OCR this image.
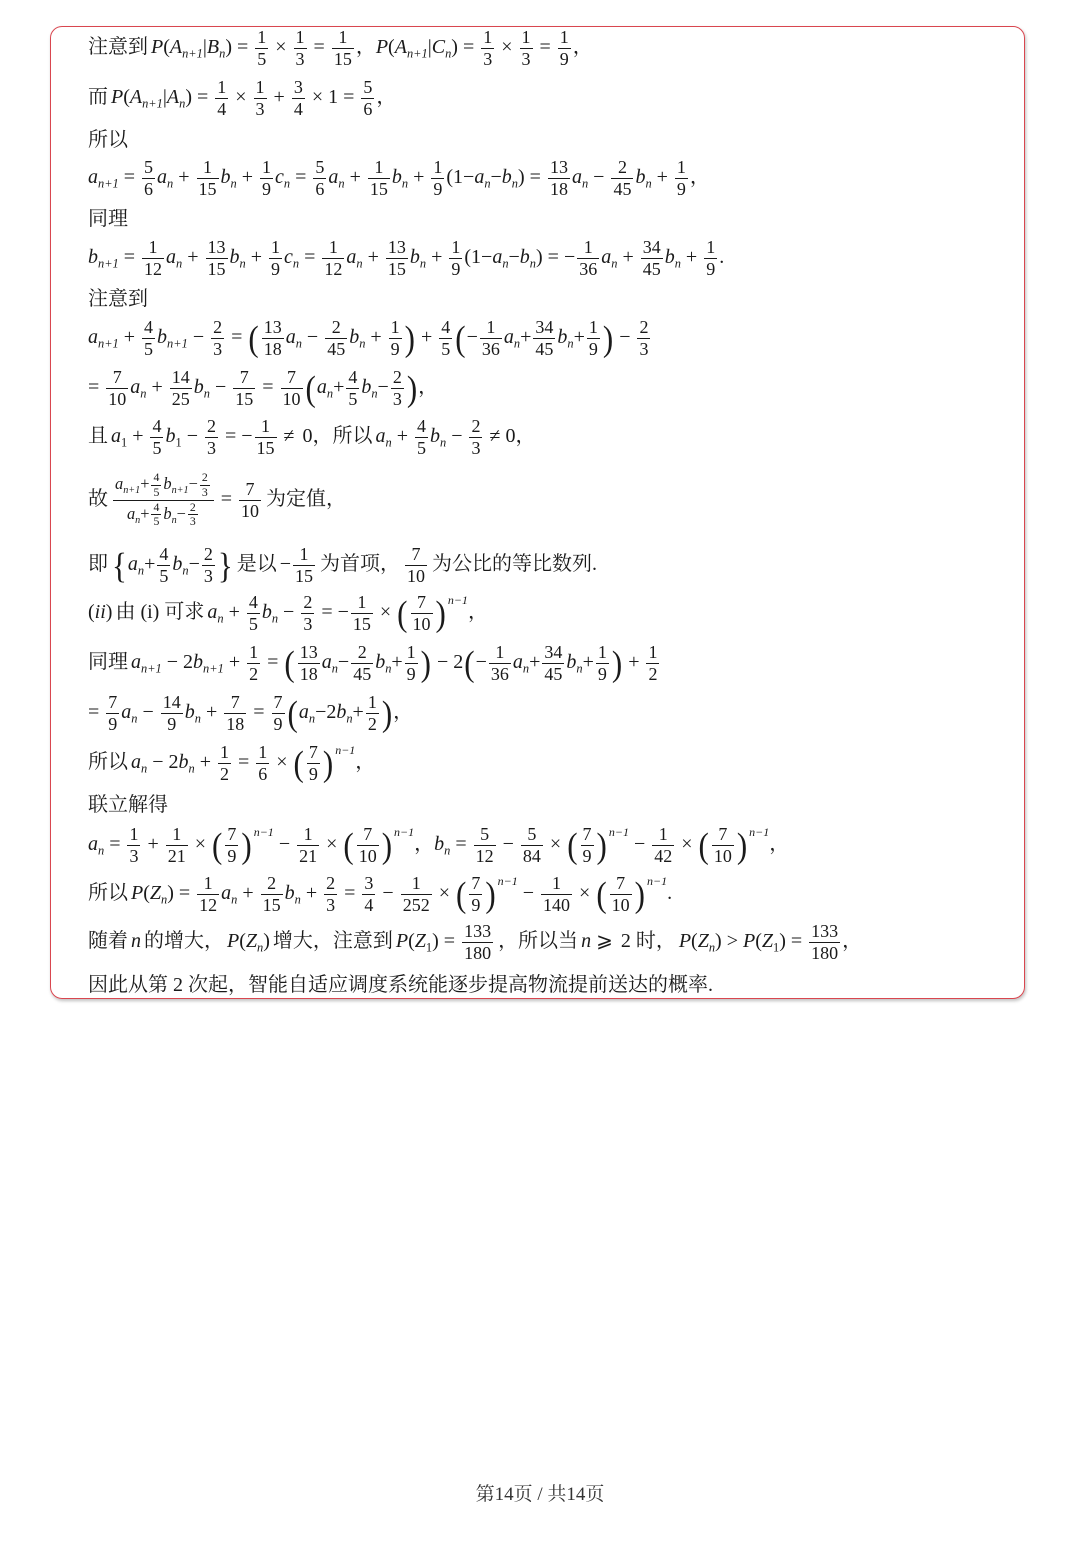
注意到 $P(A_{n+1}|B_n) = \frac{1}{5} \times \frac{1}{3} = \frac{1}{15}$ ，$P(A_{n+1}|C_n) = \frac{1}{3} \times \frac{1}{3} = \frac{1}{9}$ ，
而 $P(A_{n+1}|A_n) = \frac{1}{4} \times \frac{1}{3} + \frac{3}{4} \times 1 = \frac{5}{6}$ ，
所以
$a_{n+1} = \frac{5}{6} a_n + \frac{1}{15} b_n + \frac{1}{9} c_n = \frac{5}{6} a_n + \frac{1}{15} b_n + \frac{1}{9} (1-a_n-b_n) = \frac{13}{18} a_n - \frac{2}{45} b_n + \frac{1}{9}$ ，
同理
$b_{n+1} = \frac{1}{12} a_n + \frac{13}{15} b_n + \frac{1}{9} c_n = \frac{1}{12} a_n + \frac{13}{15} b_n + \frac{1}{9} (1-a_n-b_n)$ = − $\frac{1}{36} a_n + \frac{34}{45} b_n + \frac{1}{9}$ .
注意到
$a_{n+1} + \frac{4}{5} b_{n+1} - \frac{2}{3}$ = ( $\frac{13}{18} a_n - \frac{2}{45} b_n + \frac{1}{9}$ ) + $\frac{4}{5}$ (− $\frac{1}{36} a_n+ \frac{34}{45} b_n+ \frac{1}{9}$ ) − $\frac{2}{3}$
= $\frac{7}{10} a_n + \frac{14}{25} b_n - \frac{7}{15} = \frac{7}{10} (a_n+ \frac{4}{5} b_n- \frac{2}{3}$ )，
且 $a_1 + \frac{4}{5} b_1 - \frac{2}{3}$ = − $\frac{1}{15} \ne 0$，所以 $a_n + \frac{4}{5} b_n - \frac{2}{3} \ne 0$，
故 $\frac{a_{n+1}+ \frac{4}{5} b_{n+1}- \frac{2}{3}}{a_n+ \frac{4}{5} b_n- \frac{2}{3}} = \frac{7}{10}$ 为定值，
即 {$a_n+ \frac{4}{5} b_n- \frac{2}{3}$ } 是以 − $\frac{1}{15}$ 为首项， $\frac{7}{10}$ 为公比的等比数列.
(ii) 由 (i) 可求 $a_n + \frac{4}{5} b_n - \frac{2}{3}$ = − $\frac{1}{15}$ × ( $\frac{7}{10}$ ) $^{n-1}$，
同理 $a_{n+1} - 2b_{n+1} + \frac{1}{2}$ = ( $\frac{13}{18} a_n- \frac{2}{45} b_n+ \frac{1}{9}$ ) − $2(- \frac{1}{36} a_n+ \frac{34}{45} b_n+ \frac{1}{9}$ ) + $\frac{1}{2}$
= $\frac{7}{9} a_n - \frac{14}{9} b_n + \frac{7}{18} = \frac{7}{9} (a_n-2b_n+ \frac{1}{2}$ )，
所以 $a_n - 2b_n + \frac{1}{2} = \frac{1}{6}$ × ( $\frac{7}{9}$ ) $^{n-1}$，
联立解得
$a_n = \frac{1}{3} + \frac{1}{21}$ × ( $\frac{7}{9}$ ) $^{n-1}- \frac{1}{21}$ × ( $\frac{7}{10}$ ) $^{n-1}$，$b_n = \frac{5}{12} - \frac{5}{84}$ × ( $\frac{7}{9}$ ) $^{n-1}- \frac{1}{42}$ × ( $\frac{7}{10}$ ) $^{n-1}$，
所以 $P(Z_n) = \frac{1}{12} a_n + \frac{2}{15} b_n + \frac{2}{3} = \frac{3}{4} - \frac{1}{252}$ × ( $\frac{7}{9}$ ) $^{n-1}- \frac{1}{140}$ × ( $\frac{7}{10}$ ) $^{n-1}$.
随着 n 的增大， $P(Z_n)$ 增大，注意到 $P(Z_1) = \frac{133}{180}$ ，所以当 n ⩾ 2 时， $P(Z_n) > P(Z_1) = \frac{133}{180}$ ，
因此从第 2 次起，智能自适应调度系统能逐步提高物流提前送达的概率.
第14页 / 共14页
